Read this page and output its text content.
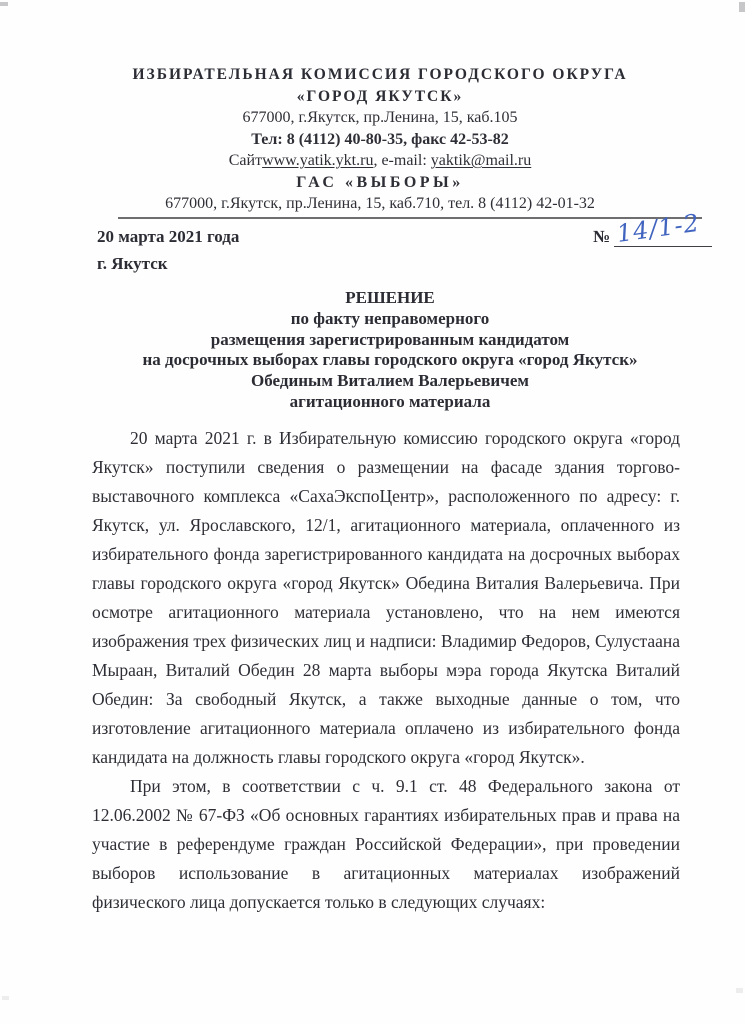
ИЗБИРАТЕЛЬНАЯ КОМИССИЯ ГОРОДСКОГО ОКРУГА
«ГОРОД ЯКУТСК»
677000, г.Якутск, пр.Ленина, 15, каб.105
Тел: 8 (4112) 40-80-35, факс 42-53-82
Сайтwww.yatik.ykt.ru, e-mail: yaktik@mail.ru
ГАС «ВЫБОРЫ»
677000, г.Якутск, пр.Ленина, 15, каб.710, тел. 8 (4112) 42-01-32
20 марта 2021 года	№ 14/1-2
г. Якутск
РЕШЕНИЕ
по факту неправомерного
размещения зарегистрированным кандидатом
на досрочных выборах главы городского округа «город Якутск»
Обединым Виталием Валерьевичем
агитационного материала

20 марта 2021 г. в Избирательную комиссию городского округа «город Якутск» поступили сведения о размещении на фасаде здания торгово-выставочного комплекса «СахаЭкспоЦентр», расположенного по адресу: г. Якутск, ул. Ярославского, 12/1, агитационного материала, оплаченного из избирательного фонда зарегистрированного кандидата на досрочных выборах главы городского округа «город Якутск» Обедина Виталия Валерьевича. При осмотре агитационного материала установлено, что на нем имеются изображения трех физических лиц и надписи: Владимир Федоров, Сулустаана Мыраан, Виталий Обедин 28 марта выборы мэра города Якутска Виталий Обедин: За свободный Якутск, а также выходные данные о том, что изготовление агитационного материала оплачено из избирательного фонда кандидата на должность главы городского округа «город Якутск».

При этом, в соответствии с ч. 9.1 ст. 48 Федерального закона от 12.06.2002 № 67-ФЗ «Об основных гарантиях избирательных прав и права на участие в референдуме граждан Российской Федерации», при проведении выборов использование в агитационных материалах изображений физического лица допускается только в следующих случаях:
